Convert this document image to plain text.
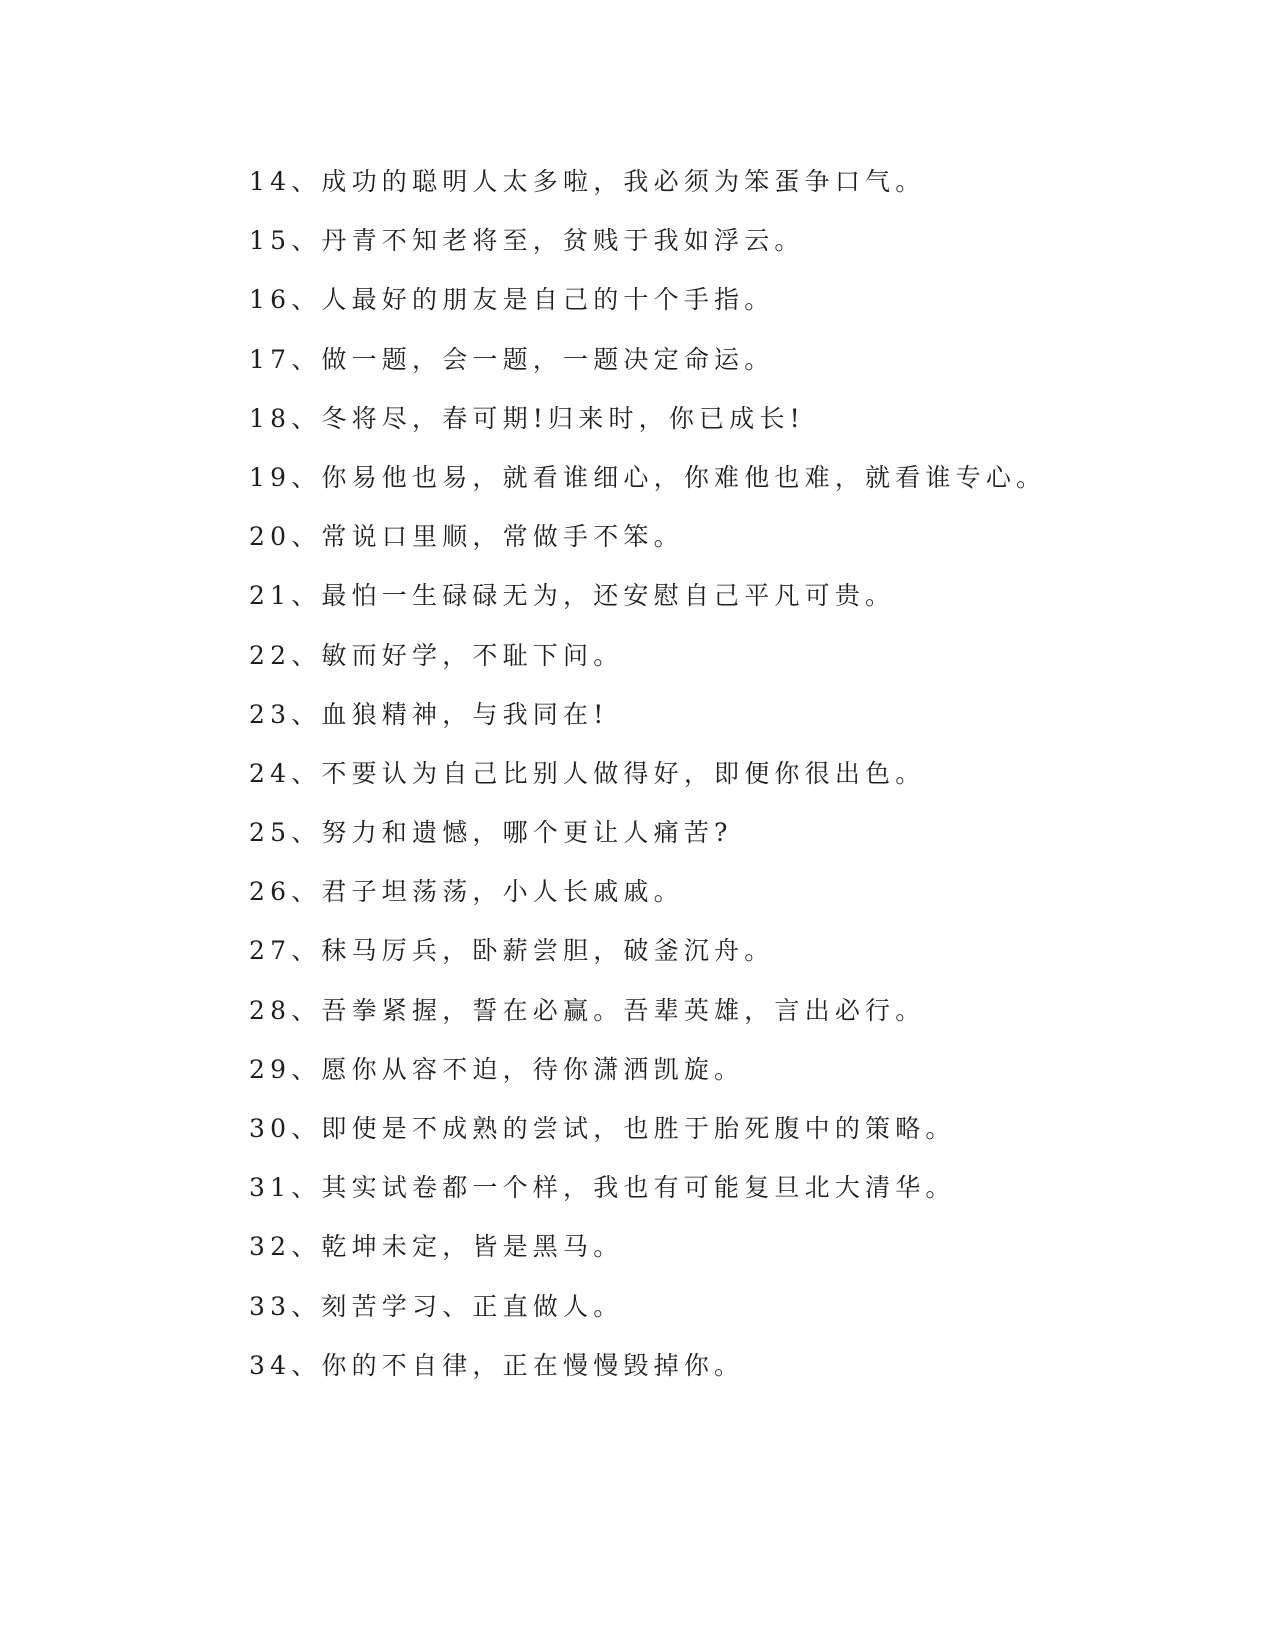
14、成功的聪明人太多啦，我必须为笨蛋争口气。
15、丹青不知老将至，贫贱于我如浮云。
16、人最好的朋友是自己的十个手指。
17、做一题，会一题，一题决定命运。
18、冬将尽，春可期!归来时，你已成长!
19、你易他也易，就看谁细心，你难他也难，就看谁专心。
20、常说口里顺，常做手不笨。
21、最怕一生碌碌无为，还安慰自己平凡可贵。
22、敏而好学，不耻下问。
23、血狼精神，与我同在!
24、不要认为自己比别人做得好，即便你很出色。
25、努力和遗憾，哪个更让人痛苦?
26、君子坦荡荡，小人长戚戚。
27、秣马厉兵，卧薪尝胆，破釜沉舟。
28、吾拳紧握，誓在必赢。吾辈英雄，言出必行。
29、愿你从容不迫，待你潇洒凯旋。
30、即使是不成熟的尝试，也胜于胎死腹中的策略。
31、其实试卷都一个样，我也有可能复旦北大清华。
32、乾坤未定，皆是黑马。
33、刻苦学习、正直做人。
34、你的不自律，正在慢慢毁掉你。
